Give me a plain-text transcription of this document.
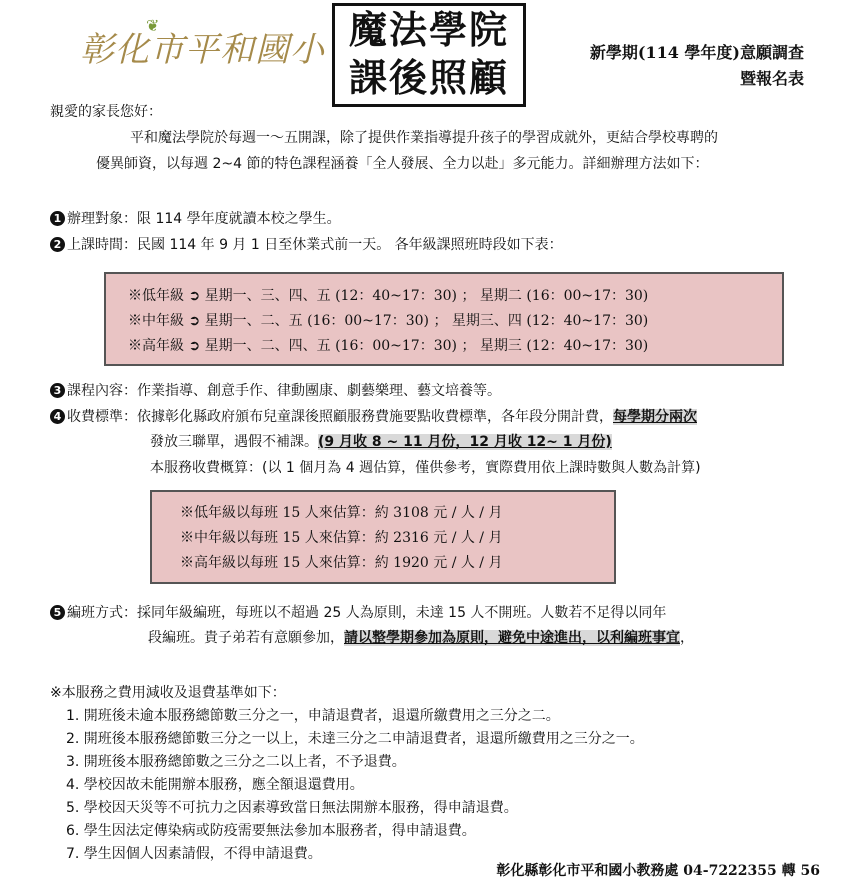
彰化市平和國小
❦	魔法學院
課後照顧
新學期(114 學年度)意願調查
暨報名表
親愛的家長您好：
平和魔法學院於每週一～五開課，除了提供作業指導提升孩子的學習成就外，更結合學校專聘的
優異師資，以每週 2~4 節的特色課程涵養「全人發展、全力以赴」多元能力。詳細辦理方法如下：
1 辦理對象：限 114 學年度就讀本校之學生。
2 上課時間：民國 114 年 9 月 1 日至休業式前一天。 各年級課照班時段如下表：
※低年級 ➲ 星期一、三、四、五 (12：40~17：30) ； 星期二 (16：00~17：30)
※中年級 ➲ 星期一、二、五 (16：00~17：30) ； 星期三、四 (12：40~17：30)
※高年級 ➲ 星期一、二、四、五 (16：00~17：30) ； 星期三 (12：40~17：30)
3 課程內容：作業指導、創意手作、律動團康、劇藝樂理、藝文培養等。
4 收費標準：依據彰化縣政府頒布兒童課後照顧服務費施要點收費標準，各年段分開計費，每學期分兩次
發放三聯單，遇假不補課。(9 月收 8 ~ 11 月份，12 月收 12~ 1 月份)
本服務收費概算：(以 1 個月為 4 週估算，僅供參考，實際費用依上課時數與人數為計算)
※低年級以每班 15 人來估算：約 3108 元 / 人 / 月
※中年級以每班 15 人來估算：約 2316 元 / 人 / 月
※高年級以每班 15 人來估算：約 1920 元 / 人 / 月
5 編班方式：採同年級編班，每班以不超過 25 人為原則，未達 15 人不開班。人數若不足得以同年
段編班。貴子弟若有意願參加，請以整學期參加為原則，避免中途進出，以利編班事宜，
※本服務之費用減收及退費基準如下：
1. 開班後未逾本服務總節數三分之一，申請退費者，退還所繳費用之三分之二。
2. 開班後本服務總節數三分之一以上，未達三分之二申請退費者，退還所繳費用之三分之一。
3. 開班後本服務總節數之三分之二以上者，不予退費。
4. 學校因故未能開辦本服務，應全額退還費用。
5. 學校因天災等不可抗力之因素導致當日無法開辦本服務，得申請退費。
6. 學生因法定傳染病或防疫需要無法參加本服務者，得申請退費。
7. 學生因個人因素請假，不得申請退費。
彰化縣彰化市平和國小教務處 04-7222355 轉 56
